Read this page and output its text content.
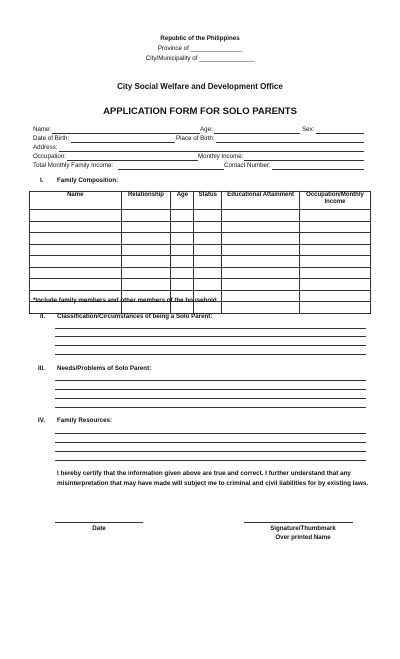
Republic of the Philippines
Province of _______________
City/Municipality of ________________
City Social Welfare and Development Office
APPLICATION FORM FOR SOLO PARENTS
Name:	Age:	Sex:
Date of Birth:	Place of Birth:
Address:
Occupation:	Monthly Income:
Total Monthly Family Income:	Contact Number:
I. Family Composition:
Name	Relationship	Age	Status	Educational Attainment	Occupation/Monthly Income

*Include family members and other members of the household
II. Classification/Circumstances of being a Solo Parent:
III. Needs/Problems of Solo Parent:
IV. Family Resources:
I hereby certify that the information given above are true and correct. I further understand that any misinterpretation that may have made will subject me to criminal and civil liabilities for by existing laws.
Date	Signature/Thumbmark
Over printed Name
